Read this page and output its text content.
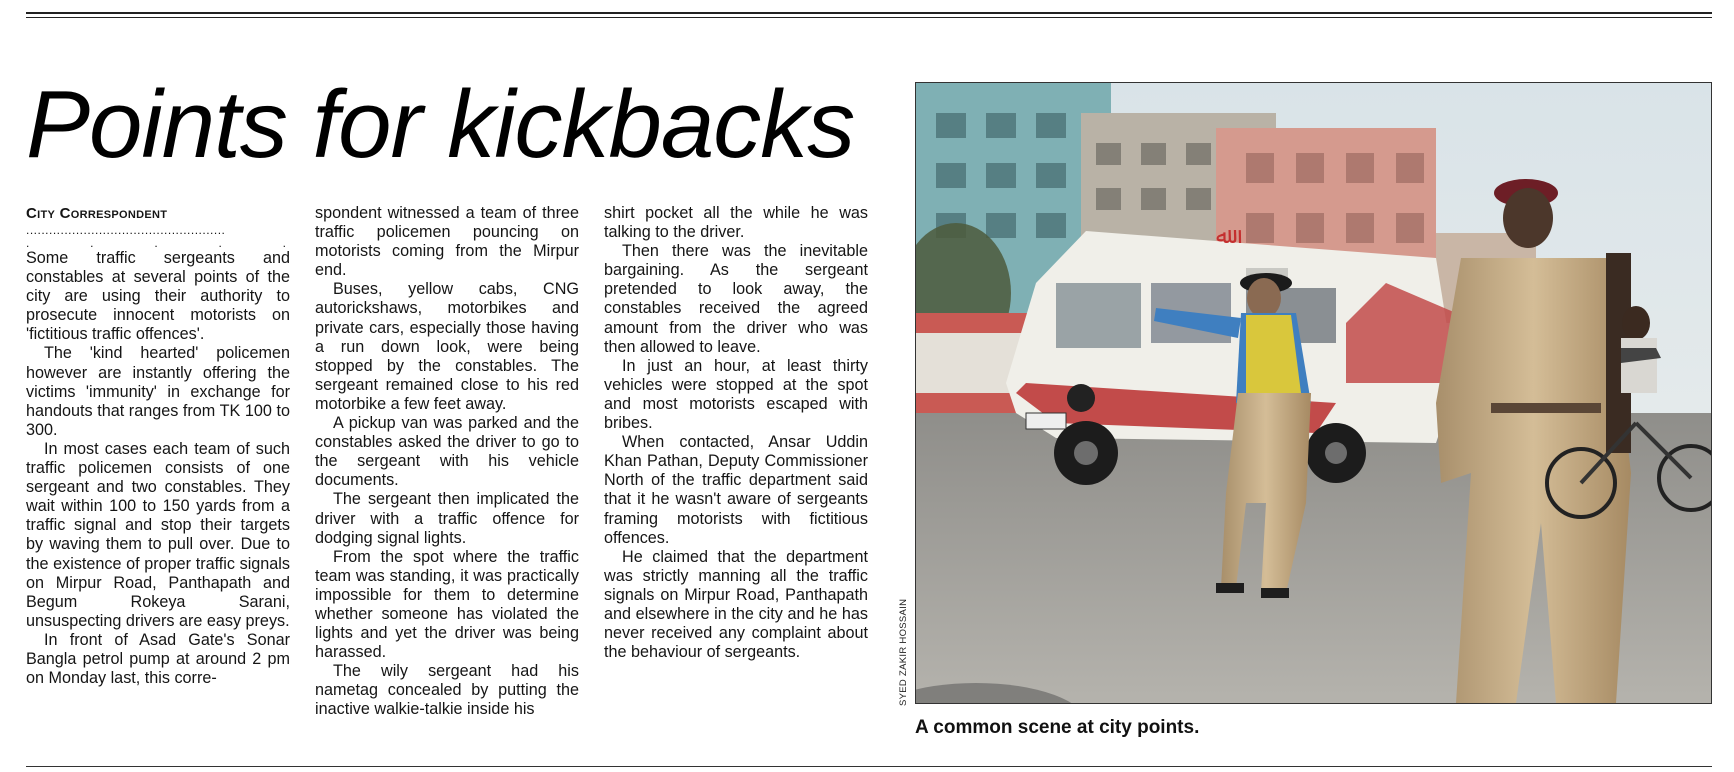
Points for kickbacks
City Correspondent
....................................................
.	.	.	.	.

Some traffic sergeants and constables at several points of the city are using their authority to prosecute innocent motorists on 'fictitious traffic offences'.

The 'kind hearted' policemen however are instantly offering the victims 'immunity' in exchange for handouts that ranges from TK 100 to 300.

In most cases each team of such traffic policemen consists of one sergeant and two constables. They wait within 100 to 150 yards from a traffic signal and stop their targets by waving them to pull over. Due to the existence of proper traffic signals on Mirpur Road, Panthapath and Begum Rokeya Sarani, unsuspecting drivers are easy preys.

In front of Asad Gate's Sonar Bangla petrol pump at around 2 pm on Monday last, this corre-

spondent witnessed a team of three traffic policemen pouncing on motorists coming from the Mirpur end.

Buses, yellow cabs, CNG autorickshaws, motorbikes and private cars, especially those having a run down look, were being stopped by the constables. The sergeant remained close to his red motorbike a few feet away.

A pickup van was parked and the constables asked the driver to go to the sergeant with his vehicle documents.

The sergeant then implicated the driver with a traffic offence for dodging signal lights.

From the spot where the traffic team was standing, it was practically impossible for them to determine whether someone has violated the lights and yet the driver was being harassed.

The wily sergeant had his nametag concealed by putting the inactive walkie-talkie inside his

shirt pocket all the while he was talking to the driver.

Then there was the inevitable bargaining. As the sergeant pretended to look away, the constables received the agreed amount from the driver who was then allowed to leave.

In just an hour, at least thirty vehicles were stopped at the spot and most motorists escaped with bribes.

When contacted, Ansar Uddin Khan Pathan, Deputy Commissioner North of the traffic department said that it he wasn't aware of sergeants framing motorists with fictitious offences.

He claimed that the department was strictly manning all the traffic signals on Mirpur Road, Panthapath and elsewhere in the city and he has never received any complaint about the behaviour of sergeants.

ﷲ
SYED ZAKIR HOSSAIN
A common scene at city points.
